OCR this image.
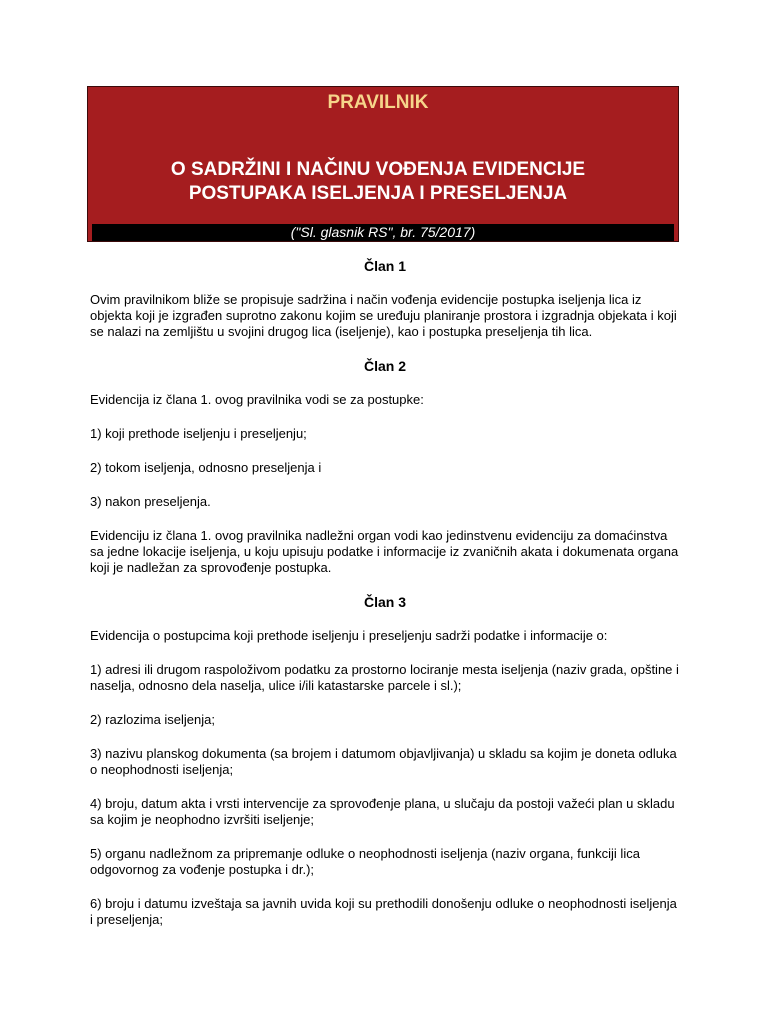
PRAVILNIK
O SADRŽINI I NAČINU VOĐENJA EVIDENCIJE
POSTUPAKA ISELJENJA I PRESELJENJA
("Sl. glasnik RS", br. 75/2017)
Član 1
Ovim pravilnikom bliže se propisuje sadržina i način vođenja evidencije postupka iseljenja lica iz objekta koji je izgrađen suprotno zakonu kojim se uređuju planiranje prostora i izgradnja objekata i koji se nalazi na zemljištu u svojini drugog lica (iseljenje), kao i postupka preseljenja tih lica.
Član 2
Evidencija iz člana 1. ovog pravilnika vodi se za postupke:
1) koji prethode iseljenju i preseljenju;
2) tokom iseljenja, odnosno preseljenja i
3) nakon preseljenja.
Evidenciju iz člana 1. ovog pravilnika nadležni organ vodi kao jedinstvenu evidenciju za domaćinstva sa jedne lokacije iseljenja, u koju upisuju podatke i informacije iz zvaničnih akata i dokumenata organa koji je nadležan za sprovođenje postupka.
Član 3
Evidencija o postupcima koji prethode iseljenju i preseljenju sadrži podatke i informacije o:
1) adresi ili drugom raspoloživom podatku za prostorno lociranje mesta iseljenja (naziv grada, opštine i naselja, odnosno dela naselja, ulice i/ili katastarske parcele i sl.);
2) razlozima iseljenja;
3) nazivu planskog dokumenta (sa brojem i datumom objavljivanja) u skladu sa kojim je doneta odluka o neophodnosti iseljenja;
4) broju, datum akta i vrsti intervencije za sprovođenje plana, u slučaju da postoji važeći plan u skladu sa kojim je neophodno izvršiti iseljenje;
5) organu nadležnom za pripremanje odluke o neophodnosti iseljenja (naziv organa, funkciji lica odgovornog za vođenje postupka i dr.);
6) broju i datumu izveštaja sa javnih uvida koji su prethodili donošenju odluke o neophodnosti iseljenja i preseljenja;
